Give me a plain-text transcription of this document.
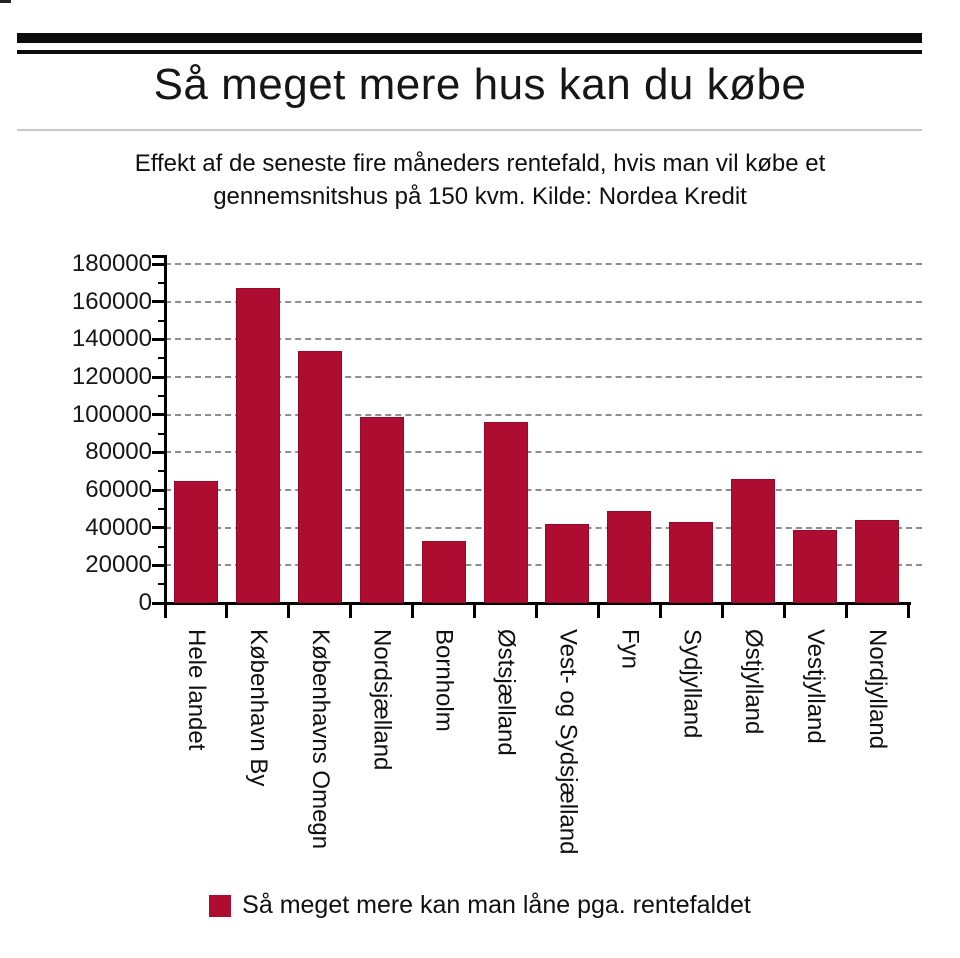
Så meget mere hus kan du købe

Effekt af de seneste fire måneders rentefald, hvis man vil købe et
gennemsnitshus på 150 kvm. Kilde: Nordea Kredit

0
20000
40000
60000
80000
100000
120000
140000
160000
180000
Hele landet København By Københavns Omegn Nordsjælland Bornholm Østsjælland Vest- og Sydsjælland Fyn Sydjylland Østjylland Vestjylland Nordjylland
Så meget mere kan man låne pga. rentefaldet
